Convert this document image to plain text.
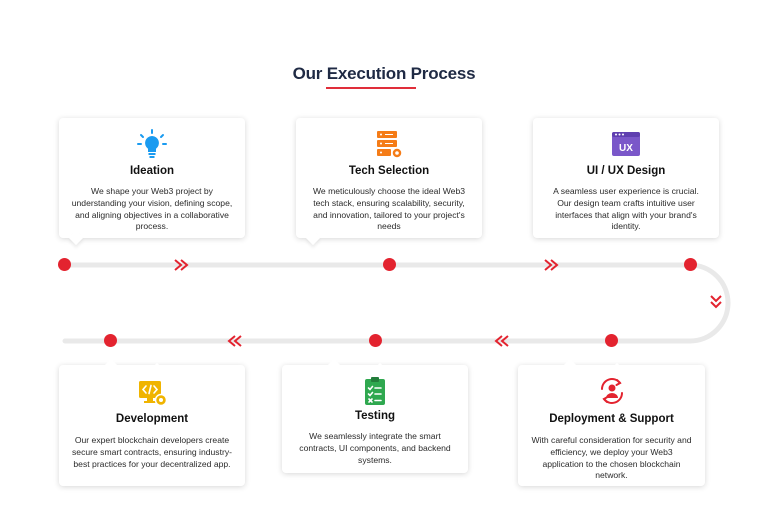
Our Execution Process
Ideation

We shape your Web3 project by understanding your vision, defining scope, and aligning objectives in a collaborative process.

Tech Selection

We meticulously choose the ideal Web3 tech stack, ensuring scalability, security, and innovation, tailored to your project's needs

UX
UI / UX Design

A seamless user experience is crucial. Our design team crafts intuitive user interfaces that align with your brand's identity.

Development

Our expert blockchain developers create secure smart contracts, ensuring industry-best practices for your decentralized app.

Testing

We seamlessly integrate the smart contracts, UI components, and backend systems.

Deployment & Support

With careful consideration for security and efficiency, we deploy your Web3 application to the chosen blockchain network.
